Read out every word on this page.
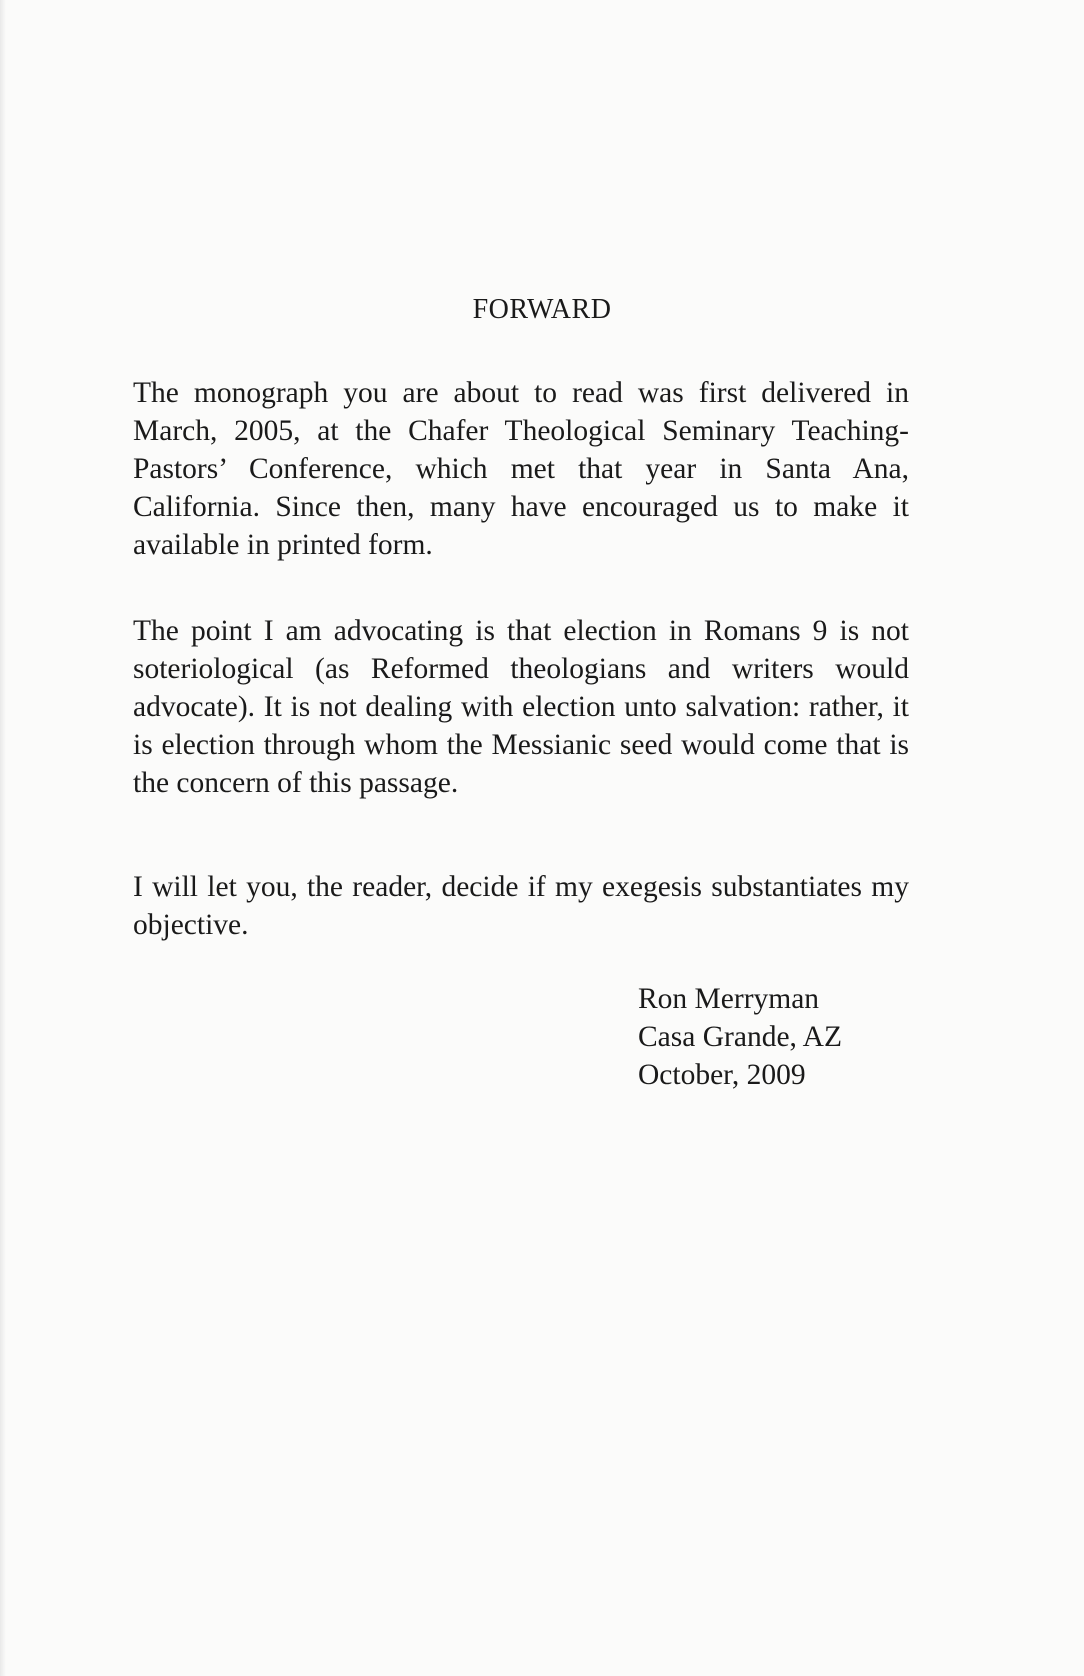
FORWARD

The monograph you are about to read was first delivered in March, 2005, at the Chafer Theological Seminary Teaching-Pastors’ Conference, which met that year in Santa Ana, California. Since then, many have encouraged us to make it available in printed form.

The point I am advocating is that election in Romans 9 is not soteriological (as Reformed theologians and writers would advocate). It is not dealing with election unto salvation: rather, it is election through whom the Messianic seed would come that is the concern of this passage.

I will let you, the reader, decide if my exegesis substantiates my objective.

Ron Merryman
Casa Grande, AZ
October, 2009
